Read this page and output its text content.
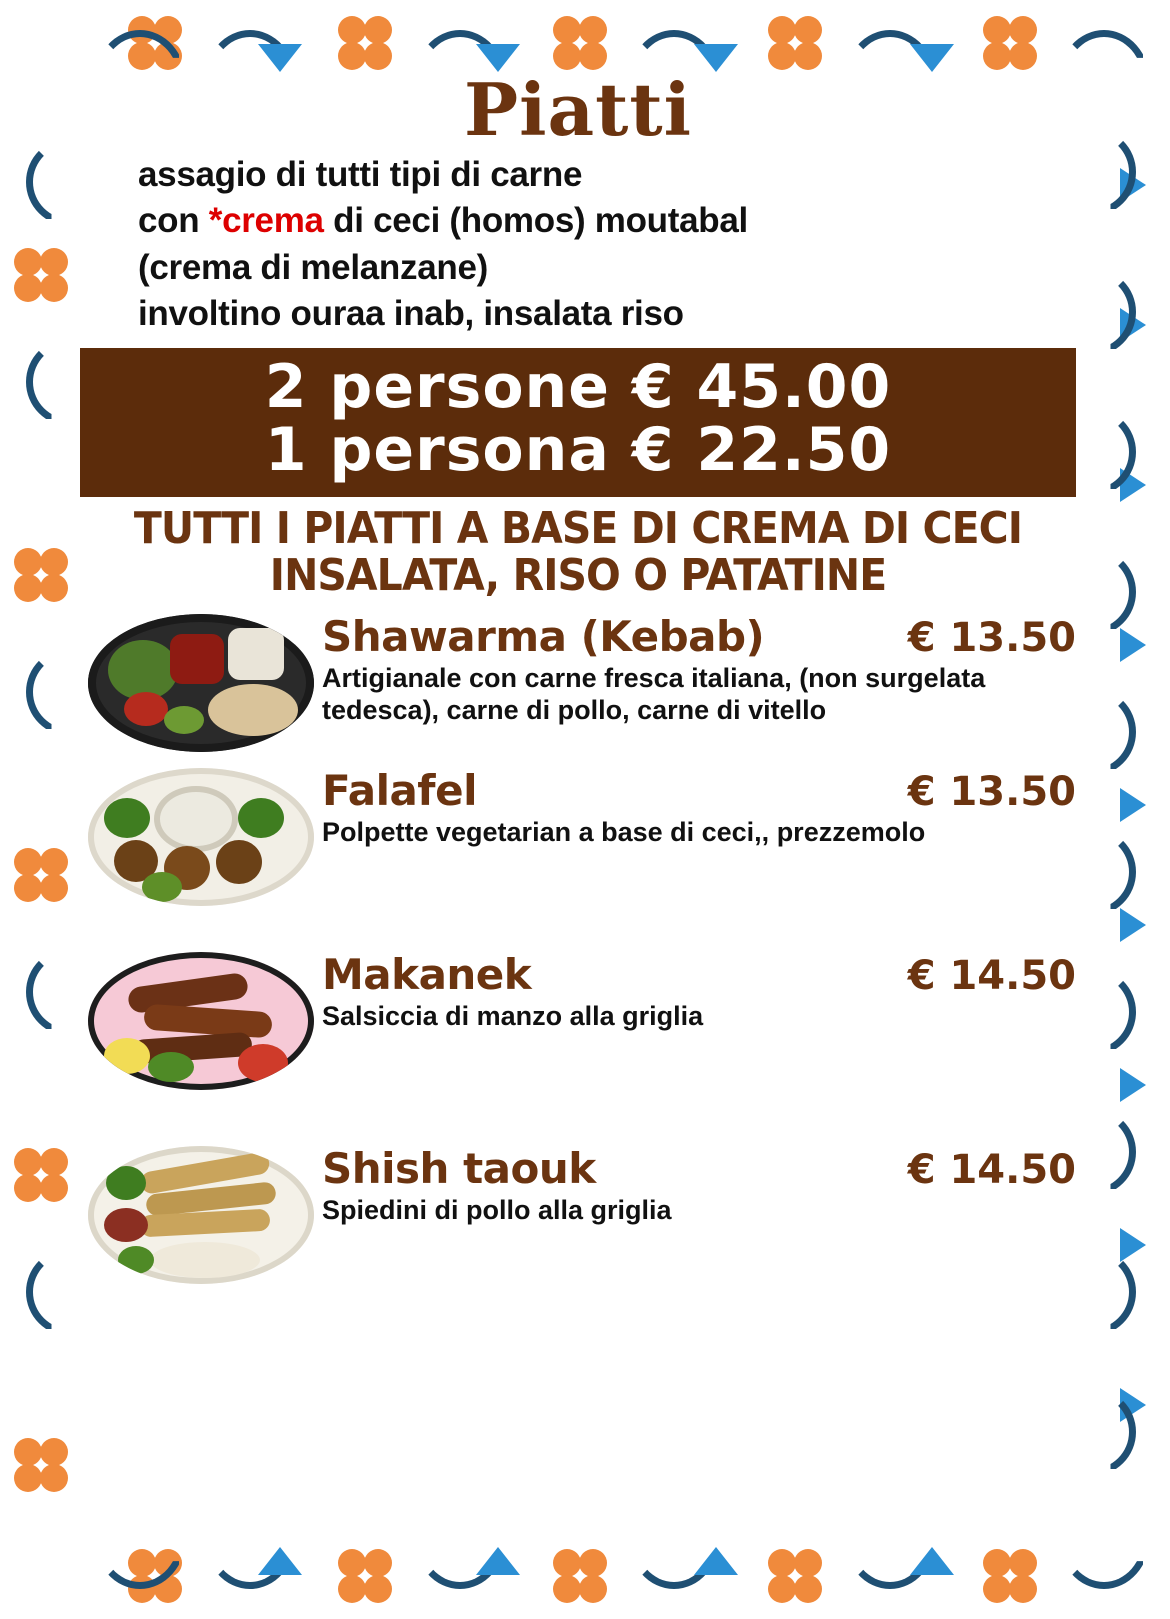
Piatti
assagio di tutti tipi di carne
con *crema di ceci (homos) moutabal
(crema di melanzane)
involtino ouraa inab, insalata riso
2 persone € 45.00
1 persona € 22.50
TUTTI I PIATTI A BASE DI CREMA DI CECI
INSALATA, RISO O PATATINE
Shawarma (Kebab)	€ 13.50
Artigianale con carne fresca italiana, (non surgelata tedesca), carne di pollo, carne di vitello
Falafel	€ 13.50
Polpette vegetarian a base di ceci,, prezzemolo
Makanek	€ 14.50
Salsiccia di manzo alla griglia
Shish taouk	€ 14.50
Spiedini di pollo alla griglia
